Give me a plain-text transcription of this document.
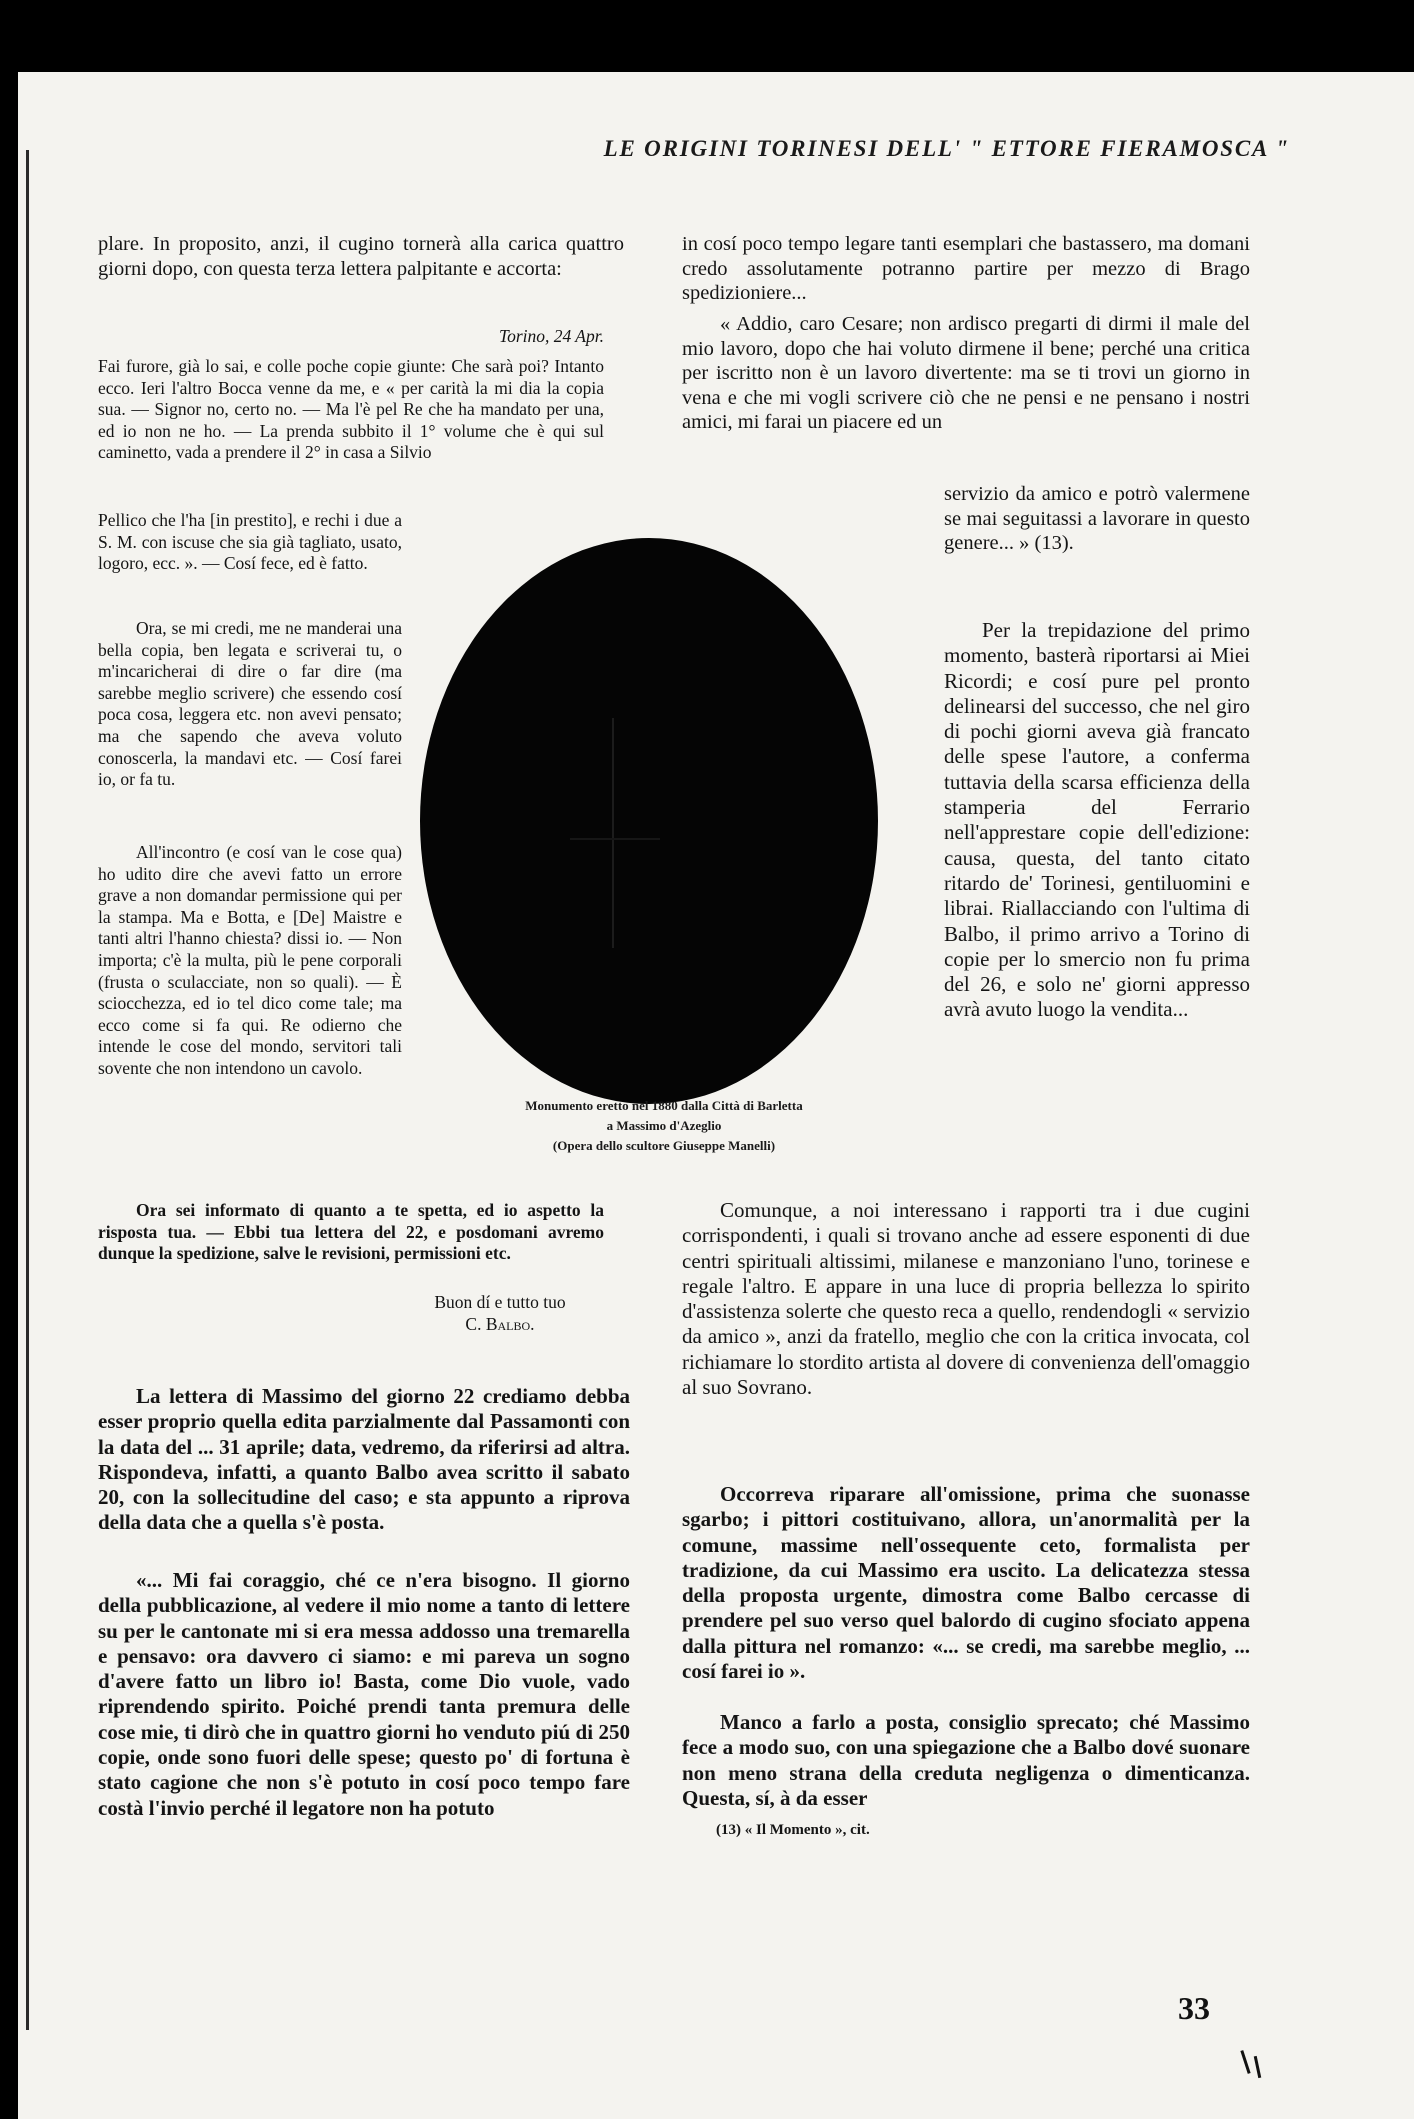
LE ORIGINI TORINESI DELL' " ETTORE FIERAMOSCA "

plare. In proposito, anzi, il cugino tornerà alla carica quattro giorni dopo, con questa terza lettera palpitante e accorta:

Torino, 24 Apr.

Fai furore, già lo sai, e colle poche copie giunte: Che sarà poi? Intanto ecco. Ieri l'altro Bocca venne da me, e « per carità la mi dia la copia sua. — Signor no, certo no. — Ma l'è pel Re che ha mandato per una, ed io non ne ho. — La prenda subbito il 1° volume che è qui sul caminetto, vada a prendere il 2° in casa a Silvio

Pellico che l'ha [in prestito], e rechi i due a S. M. con iscuse che sia già tagliato, usato, logoro, ecc. ». — Cosí fece, ed è fatto.

Ora, se mi credi, me ne manderai una bella copia, ben legata e scriverai tu, o m'incaricherai di dire o far dire (ma sarebbe meglio scrivere) che essendo cosí poca cosa, leggera etc. non avevi pensato; ma che sapendo che aveva voluto conoscerla, la mandavi etc. — Cosí farei io, or fa tu.

All'incontro (e cosí van le cose qua) ho udito dire che avevi fatto un errore grave a non domandar permissione qui per la stampa. Ma e Botta, e [De] Maistre e tanti altri l'hanno chiesta? dissi io. — Non importa; c'è la multa, più le pene corporali (frusta o sculacciate, non so quali). — È sciocchezza, ed io tel dico come tale; ma ecco come si fa qui. Re odierno che intende le cose del mondo, servitori tali sovente che non intendono un cavolo.

Ora sei informato di quanto a te spetta, ed io aspetto la risposta tua. — Ebbi tua lettera del 22, e posdomani avremo dunque la spedizione, salve le revisioni, permissioni etc.

Buon dí e tutto tuo

C. Balbo.

La lettera di Massimo del giorno 22 crediamo debba esser proprio quella edita parzialmente dal Passamonti con la data del ... 31 aprile; data, vedremo, da riferirsi ad altra. Rispondeva, infatti, a quanto Balbo avea scritto il sabato 20, con la sollecitudine del caso; e sta appunto a riprova della data che a quella s'è posta.

«... Mi fai coraggio, ché ce n'era bisogno. Il giorno della pubblicazione, al vedere il mio nome a tanto di lettere su per le cantonate mi si era messa addosso una tremarella e pensavo: ora davvero ci siamo: e mi pareva un sogno d'avere fatto un libro io! Basta, come Dio vuole, vado riprendendo spirito. Poiché prendi tanta premura delle cose mie, ti dirò che in quattro giorni ho venduto piú di 250 copie, onde sono fuori delle spese; questo po' di fortuna è stato cagione che non s'è potuto in cosí poco tempo fare costà l'invio perché il legatore non ha potuto

Monumento eretto nel 1880 dalla Città di Barletta
a Massimo d'Azeglio
(Opera dello scultore Giuseppe Manelli)

in cosí poco tempo legare tanti esemplari che bastassero, ma domani credo assolutamente potranno partire per mezzo di Brago spedizioniere...

« Addio, caro Cesare; non ardisco pregarti di dirmi il male del mio lavoro, dopo che hai voluto dirmene il bene; perché una critica per iscritto non è un lavoro divertente: ma se ti trovi un giorno in vena e che mi vogli scrivere ciò che ne pensi e ne pensano i nostri amici, mi farai un piacere ed un

servizio da amico e potrò valermene se mai seguitassi a lavorare in questo genere... » (13).

Per la trepidazione del primo momento, basterà riportarsi ai Miei Ricordi; e cosí pure pel pronto delinearsi del successo, che nel giro di pochi giorni aveva già francato delle spese l'autore, a conferma tuttavia della scarsa efficienza della stamperia del Ferrario nell'apprestare copie dell'edizione: causa, questa, del tanto citato ritardo de' Torinesi, gentiluomini e librai. Riallacciando con l'ultima di Balbo, il primo arrivo a Torino di copie per lo smercio non fu prima del 26, e solo ne' giorni appresso avrà avuto luogo la vendita...

Comunque, a noi interessano i rapporti tra i due cugini corrispondenti, i quali si trovano anche ad essere esponenti di due centri spirituali altissimi, milanese e manzoniano l'uno, torinese e regale l'altro. E appare in una luce di propria bellezza lo spirito d'assistenza solerte che questo reca a quello, rendendogli « servizio da amico », anzi da fratello, meglio che con la critica invocata, col richiamare lo stordito artista al dovere di convenienza dell'omaggio al suo Sovrano.

Occorreva riparare all'omissione, prima che suonasse sgarbo; i pittori costituivano, allora, un'anormalità per la comune, massime nell'ossequente ceto, formalista per tradizione, da cui Massimo era uscito. La delicatezza stessa della proposta urgente, dimostra come Balbo cercasse di prendere pel suo verso quel balordo di cugino sfociato appena dalla pittura nel romanzo: «... se credi, ma sarebbe meglio, ... cosí farei io ».

Manco a farlo a posta, consiglio sprecato; ché Massimo fece a modo suo, con una spiegazione che a Balbo dové suonare non meno strana della creduta negligenza o dimenticanza. Questa, sí, à da esser

(13) « Il Momento », cit.

33
